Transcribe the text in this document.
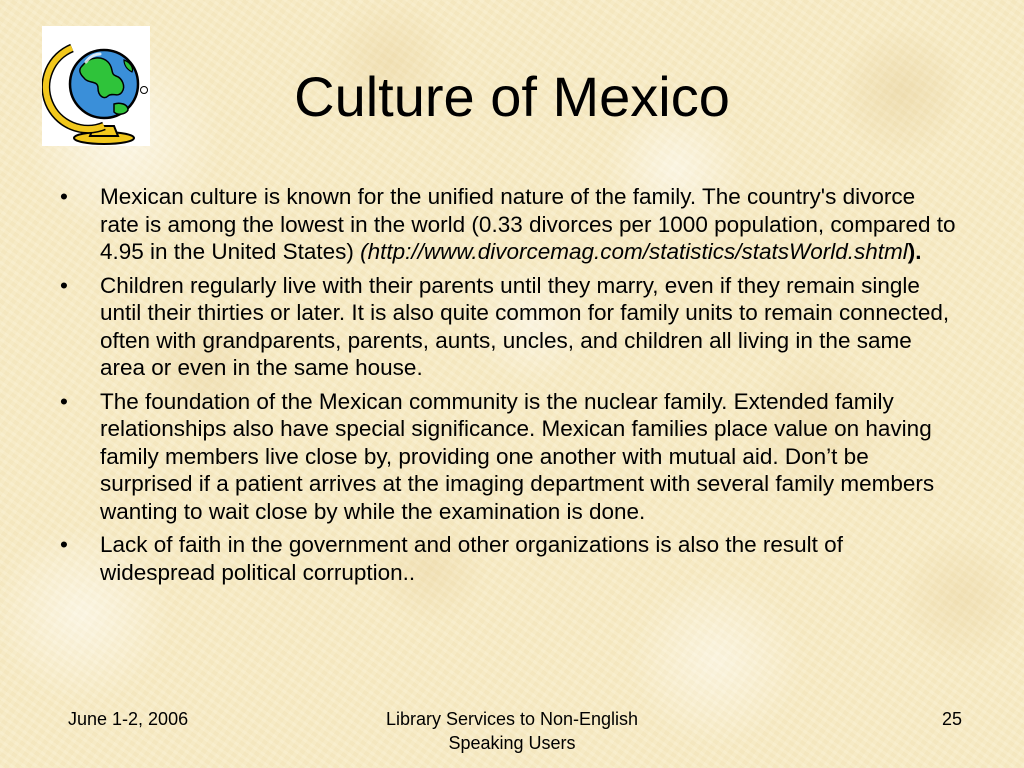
Culture of Mexico
• Mexican culture is known for the unified nature of the family. The country's divorce rate is among the lowest in the world (0.33 divorces per 1000 population, compared to 4.95 in the United States) (http://www.divorcemag.com/statistics/statsWorld.shtml).
• Children regularly live with their parents until they marry, even if they remain single until their thirties or later. It is also quite common for family units to remain connected, often with grandparents, parents, aunts, uncles, and children all living in the same area or even in the same house.
• The foundation of the Mexican community is the nuclear family. Extended family relationships also have special significance. Mexican families place value on having family members live close by, providing one another with mutual aid. Don’t be surprised if a patient arrives at the imaging department with several family members wanting to wait close by while the examination is done.
• Lack of faith in the government and other organizations is also the result of widespread political corruption..
June 1-2, 2006	Library Services to Non-English
Speaking Users
25
